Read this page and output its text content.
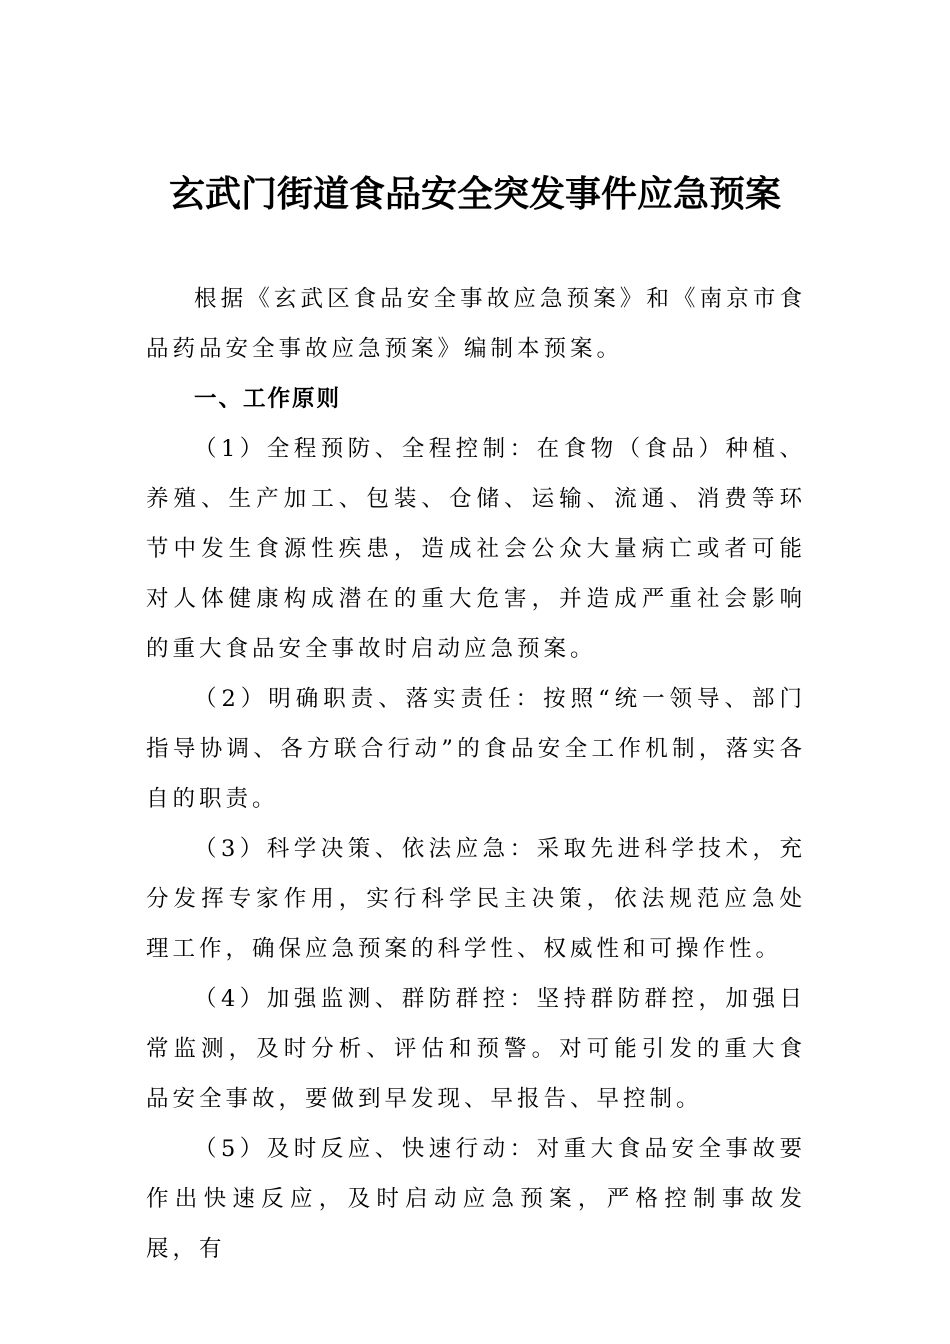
玄武门街道食品安全突发事件应急预案

根据《玄武区食品安全事故应急预案》和《南京市食品药品安全事故应急预案》编制本预案。

一、工作原则

（1）全程预防、全程控制：在食物（食品）种植、养殖、生产加工、包装、仓储、运输、流通、消费等环节中发生食源性疾患，造成社会公众大量病亡或者可能对人体健康构成潜在的重大危害，并造成严重社会影响的重大食品安全事故时启动应急预案。

（2）明确职责、落实责任：按照“统一领导、部门指导协调、各方联合行动”的食品安全工作机制，落实各自的职责。

（3）科学决策、依法应急：采取先进科学技术，充分发挥专家作用，实行科学民主决策，依法规范应急处理工作，确保应急预案的科学性、权威性和可操作性。

（4）加强监测、群防群控：坚持群防群控，加强日常监测，及时分析、评估和预警。对可能引发的重大食品安全事故，要做到早发现、早报告、早控制。

（5）及时反应、快速行动：对重大食品安全事故要作出快速反应，及时启动应急预案，严格控制事故发展，有
